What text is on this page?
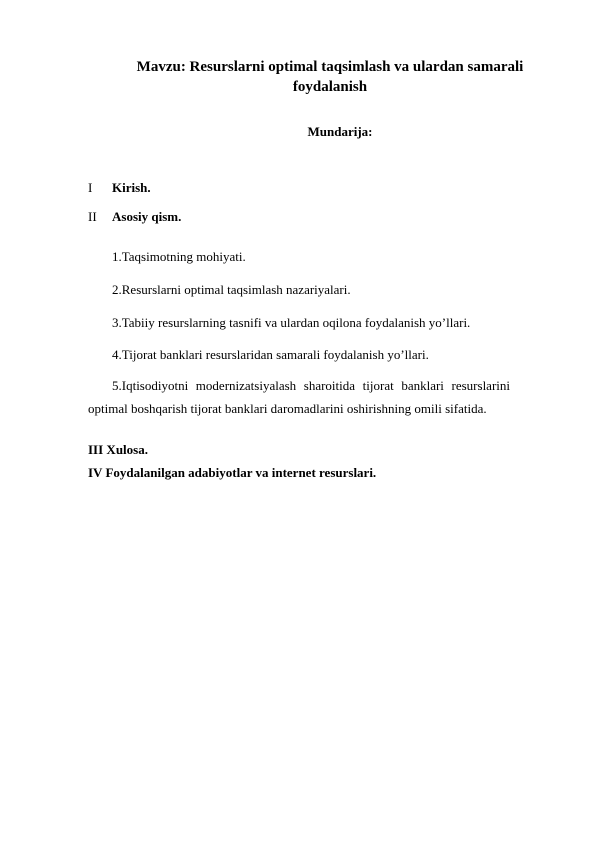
Mavzu: Resurslarni optimal taqsimlash va ulardan samarali foydalanish
Mundarija:
I Kirish.
II Asosiy qism.
1.Taqsimotning mohiyati.
2.Resurslarni optimal taqsimlash nazariyalari.
3.Tabiiy resurslarning tasnifi va ulardan oqilona foydalanish yo’llari.
4.Tijorat banklari resurslaridan samarali foydalanish yo’llari.
5.Iqtisodiyotni modernizatsiyalash sharoitida tijorat banklari resurslarini optimal boshqarish tijorat banklari daromadlarini oshirishning omili sifatida.
III Xulosa.
IV Foydalanilgan adabiyotlar va internet resurslari.
